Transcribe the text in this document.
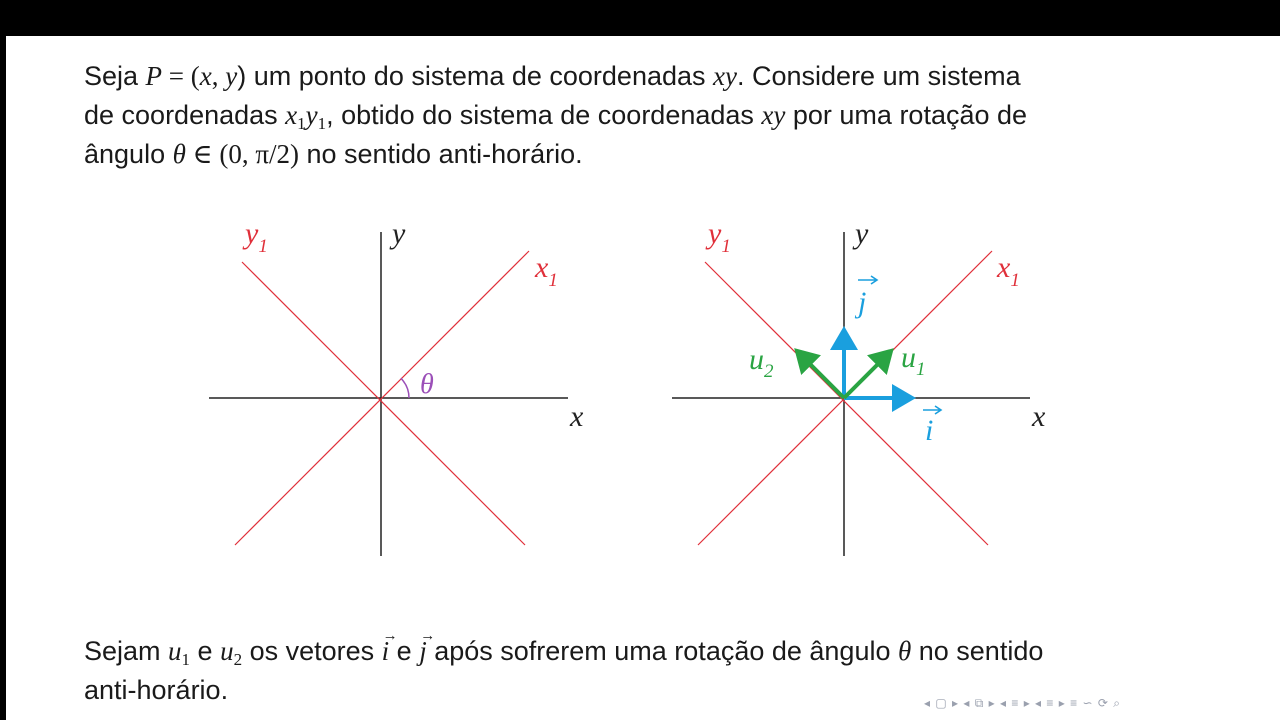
Seja P = (x, y) um ponto do sistema de coordenadas xy. Considere um sistema
de coordenadas $x_1y_1$, obtido do sistema de coordenadas xy por uma rotação de
ângulo θ ∈ (0, π/2) no sentido anti-horário.
θ
$y_1$	y
$x_1$
x
$y_1$	y
$x_1$
x
$u_1$
$u_2$
j
i
Sejam $u_1$ e $u_2$ os vetores → i e → j após sofrerem uma rotação de ângulo θ no sentido
anti-horário.	◂ ▢ ▸ ◂ ⧉ ▸ ◂ ≡ ▸ ◂ ≡ ▸ ≡ ∽ ⟳ ⌕
